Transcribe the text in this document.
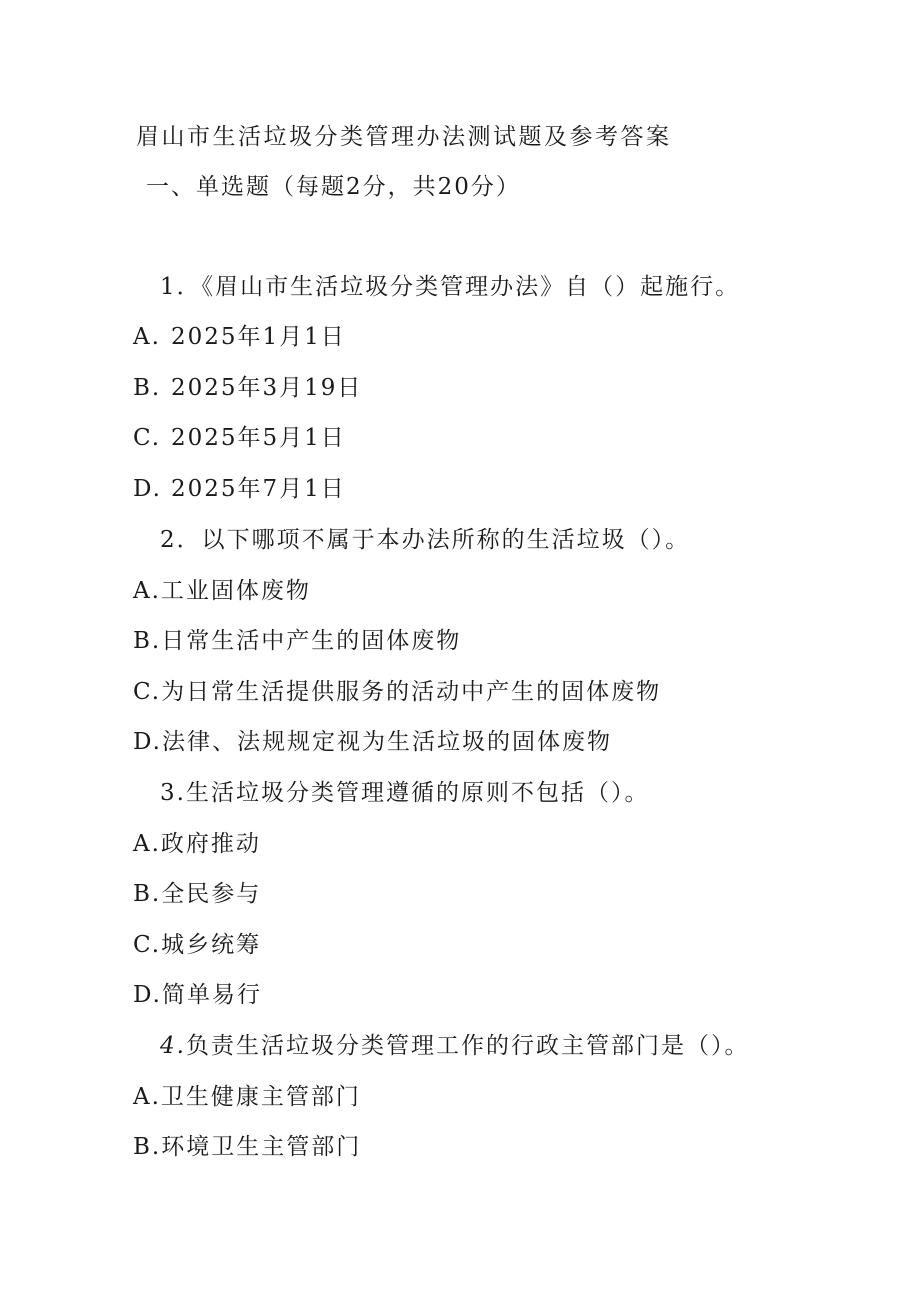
眉山市生活垃圾分类管理办法测试题及参考答案
一、单选题（每题2分，共20分）
1．《眉山市生活垃圾分类管理办法》自（）起施行。
A. 2025年1月1日
B. 2025年3月19日
C. 2025年5月1日
D. 2025年7月1日
2．以下哪项不属于本办法所称的生活垃圾（）。
A.工业固体废物
B.日常生活中产生的固体废物
C.为日常生活提供服务的活动中产生的固体废物
D.法律、法规规定视为生活垃圾的固体废物
3.生活垃圾分类管理遵循的原则不包括（）。
A.政府推动
B.全民参与
C.城乡统筹
D.简单易行
4.负责生活垃圾分类管理工作的行政主管部门是（）。
A.卫生健康主管部门
B.环境卫生主管部门
